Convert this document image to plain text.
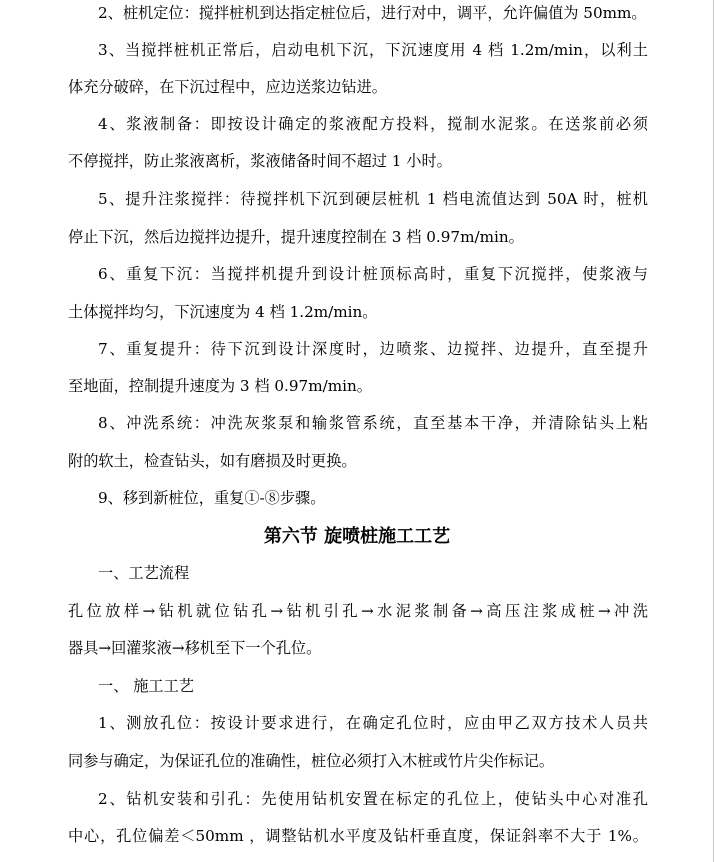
2、桩机定位：搅拌桩机到达指定桩位后，进行对中，调平，允许偏值为 50mm。
3、当搅拌桩机正常后，启动电机下沉，下沉速度用 4 档 1.2m/min，以利土
体充分破碎，在下沉过程中，应边送浆边钻进。
4、浆液制备：即按设计确定的浆液配方投料，搅制水泥浆。在送浆前必须
不停搅拌，防止浆液离析，浆液储备时间不超过 1 小时。
5、提升注浆搅拌：待搅拌机下沉到硬层桩机 1 档电流值达到 50A 时，桩机
停止下沉，然后边搅拌边提升，提升速度控制在 3 档 0.97m/min。
6、重复下沉：当搅拌机提升到设计桩顶标高时，重复下沉搅拌，使浆液与
土体搅拌均匀，下沉速度为 4 档 1.2m/min。
7、重复提升：待下沉到设计深度时，边喷浆、边搅拌、边提升，直至提升
至地面，控制提升速度为 3 档 0.97m/min。
8、冲洗系统：冲洗灰浆泵和输浆管系统，直至基本干净，并清除钻头上粘
附的软土，检查钻头，如有磨损及时更换。
9、移到新桩位，重复①-⑧步骤。
第六节 旋喷桩施工工艺
一、工艺流程
孔位放样→钻机就位钻孔→钻机引孔→水泥浆制备→高压注浆成桩→冲洗
器具→回灌浆液→移机至下一个孔位。
一、 施工工艺
1、测放孔位：按设计要求进行，在确定孔位时，应由甲乙双方技术人员共
同参与确定，为保证孔位的准确性，桩位必须打入木桩或竹片尖作标记。
2、钻机安装和引孔：先使用钻机安置在标定的孔位上，使钻头中心对准孔
中心，孔位偏差＜50mm ，调整钻机水平度及钻杆垂直度，保证斜率不大于 1%。
